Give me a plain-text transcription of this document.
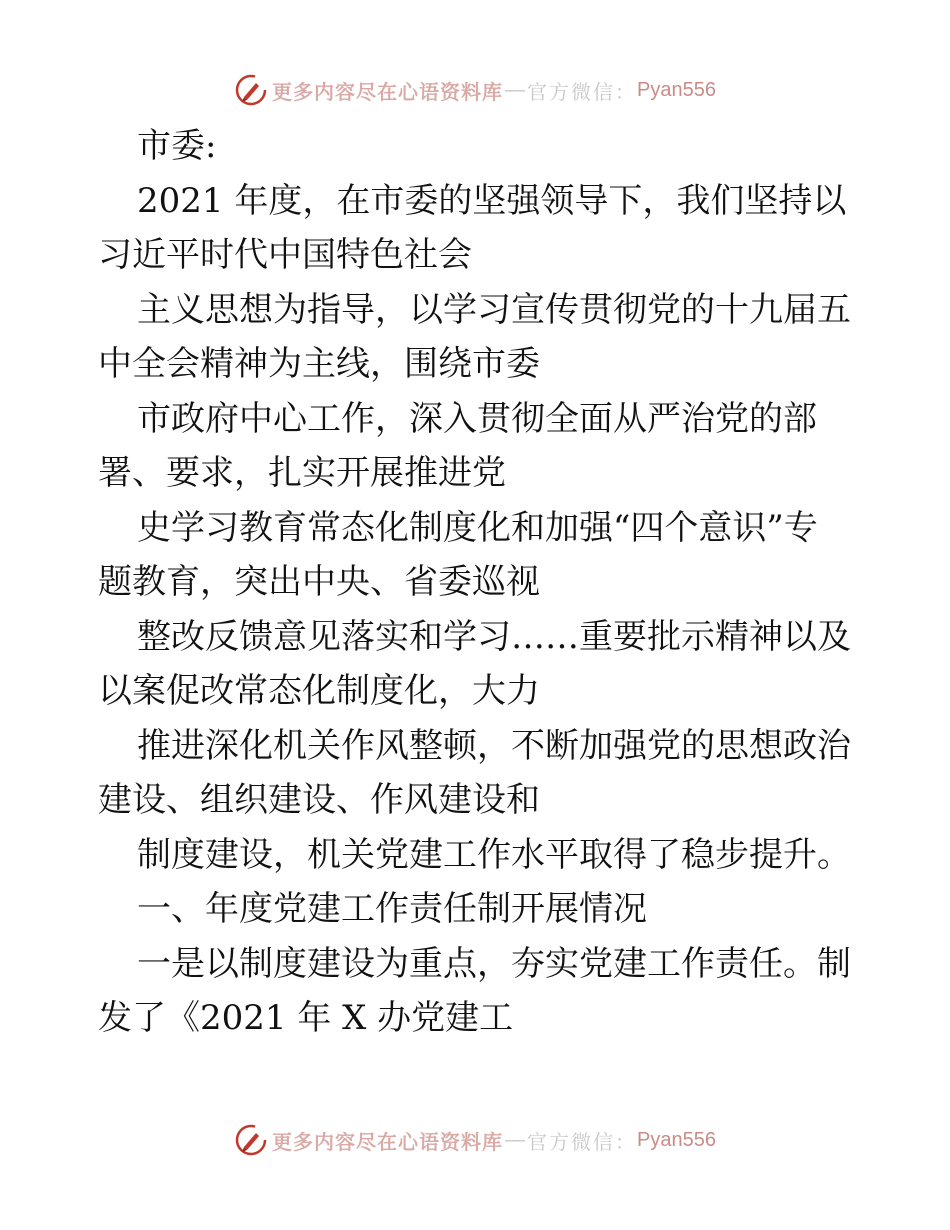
更多内容尽在心语资料库 — 官方微信： Pyan556
市委:
2021 年度，在市委的坚强领导下，我们坚持以
习近平时代中国特色社会
主义思想为指导，以学习宣传贯彻党的十九届五
中全会精神为主线，围绕市委
市政府中心工作，深入贯彻全面从严治党的部
署、要求，扎实开展推进党
史学习教育常态化制度化和加强“四个意识”专
题教育，突出中央、省委巡视
整改反馈意见落实和学习……重要批示精神以及
以案促改常态化制度化，大力
推进深化机关作风整顿，不断加强党的思想政治
建设、组织建设、作风建设和
制度建设，机关党建工作水平取得了稳步提升。
一、年度党建工作责任制开展情况
一是以制度建设为重点，夯实党建工作责任。制
发了《2021 年 X 办党建工
更多内容尽在心语资料库 — 官方微信： Pyan556
